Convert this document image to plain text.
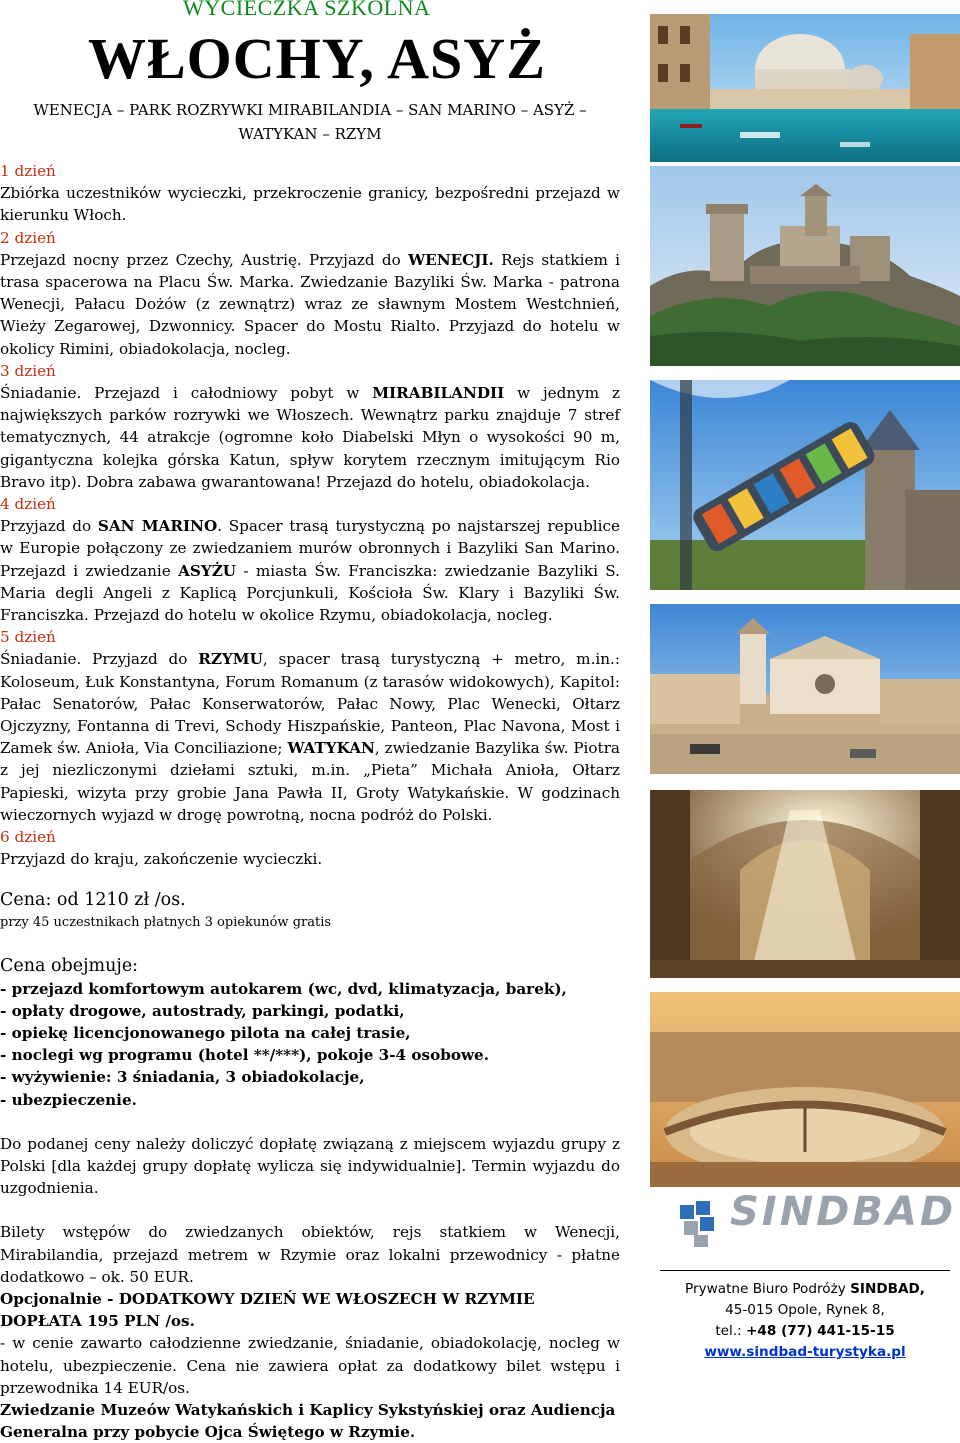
WYCIECZKA SZKOLNA
WŁOCHY, ASYŻ
WENECJA – PARK ROZRYWKI MIRABILANDIA – SAN MARINO – ASYŻ –
WATYKAN – RZYM
1 dzień

Zbiórka uczestników wycieczki, przekroczenie granicy, bezpośredni przejazd w kierunku Włoch.

2 dzień

Przejazd nocny przez Czechy, Austrię. Przyjazd do WENECJI. Rejs statkiem i trasa spacerowa na Placu Św. Marka. Zwiedzanie Bazyliki Św. Marka - patrona Wenecji, Pałacu Dożów (z zewnątrz) wraz ze sławnym Mostem Westchnień, Wieży Zegarowej, Dzwonnicy. Spacer do Mostu Rialto. Przyjazd do hotelu w okolicy Rimini, obiadokolacja, nocleg.

3 dzień

Śniadanie. Przejazd i całodniowy pobyt w MIRABILANDII w jednym z największych parków rozrywki we Włoszech. Wewnątrz parku znajduje 7 stref tematycznych, 44 atrakcje (ogromne koło Diabelski Młyn o wysokości 90 m, gigantyczna kolejka górska Katun, spływ korytem rzecznym imitującym Rio Bravo itp). Dobra zabawa gwarantowana! Przejazd do hotelu, obiadokolacja.

4 dzień

Przyjazd do SAN MARINO. Spacer trasą turystyczną po najstarszej republice w Europie połączony ze zwiedzaniem murów obronnych i Bazyliki San Marino. Przejazd i zwiedzanie ASYŻU - miasta Św. Franciszka: zwiedzanie Bazyliki S. Maria degli Angeli z Kaplicą Porcjunkuli, Kościoła Św. Klary i Bazyliki Św. Franciszka. Przejazd do hotelu w okolice Rzymu, obiadokolacja, nocleg.

5 dzień

Śniadanie. Przyjazd do RZYMU, spacer trasą turystyczną + metro, m.in.: Koloseum, Łuk Konstantyna, Forum Romanum (z tarasów widokowych), Kapitol: Pałac Senatorów, Pałac Konserwatorów, Pałac Nowy, Plac Wenecki, Ołtarz Ojczyzny, Fontanna di Trevi, Schody Hiszpańskie, Panteon, Plac Navona, Most i Zamek św. Anioła, Via Conciliazione; WATYKAN, zwiedzanie Bazylika św. Piotra z jej niezliczonymi dziełami sztuki, m.in. „Pieta” Michała Anioła, Ołtarz Papieski, wizyta przy grobie Jana Pawła II, Groty Watykańskie. W godzinach wieczornych wyjazd w drogę powrotną, nocna podróż do Polski.

6 dzień

Przyjazd do kraju, zakończenie wycieczki.

Cena: od 1210 zł /os.
przy 45 uczestnikach płatnych 3 opiekunów gratis
Cena obejmuje:
- przejazd komfortowym autokarem (wc, dvd, klimatyzacja, barek),
- opłaty drogowe, autostrady, parkingi, podatki,
- opiekę licencjonowanego pilota na całej trasie,
- noclegi wg programu (hotel **/***), pokoje 3-4 osobowe.
- wyżywienie: 3 śniadania, 3 obiadokolacje,
- ubezpieczenie.

Do podanej ceny należy doliczyć dopłatę związaną z miejscem wyjazdu grupy z Polski [dla każdej grupy dopłatę wylicza się indywidualnie]. Termin wyjazdu do uzgodnienia.

Bilety wstępów do zwiedzanych obiektów, rejs statkiem w Wenecji, Mirabilandia, przejazd metrem w Rzymie oraz lokalni przewodnicy - płatne dodatkowo – ok. 50 EUR.

Opcjonalnie - DODATKOWY DZIEŃ WE WŁOSZECH W RZYMIE
DOPŁATA 195 PLN /os.

- w cenie zawarto całodzienne zwiedzanie, śniadanie, obiadokolację, nocleg w hotelu, ubezpieczenie. Cena nie zawiera opłat za dodatkowy bilet wstępu i przewodnika 14 EUR/os.

Zwiedzanie Muzeów Watykańskich i Kaplicy Sykstyńskiej oraz Audiencja Generalna przy pobycie Ojca Świętego w Rzymie.

SINDBAD
Prywatne Biuro Podróży SINDBAD,
45-015 Opole, Rynek 8,
tel.: +48 (77) 441-15-15
www.sindbad-turystyka.pl
